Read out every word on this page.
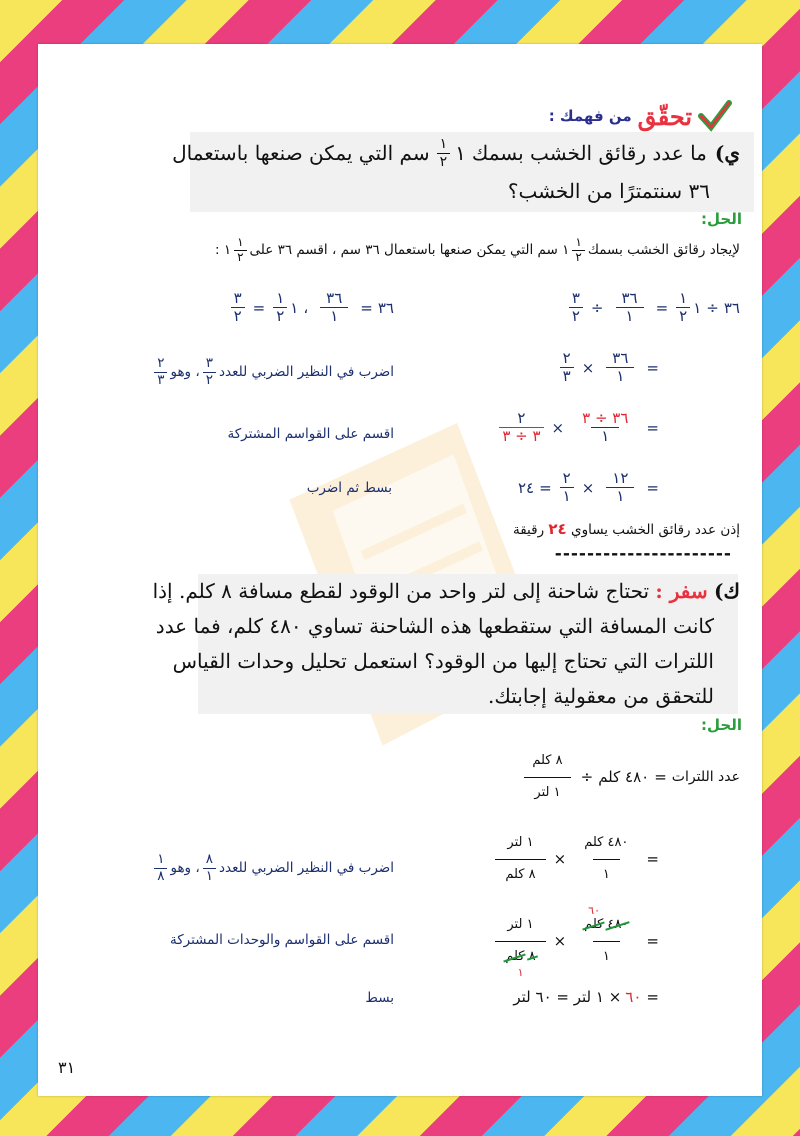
تحقّق
من فهمك :
ي)
ما عدد رقائق الخشب بسمك
١
$\frac{١}{٢}$
سم التي يمكن صنعها باستعمال
٣٦ سنتمترًا من الخشب؟
الحل:
لإيجاد رقائق الخشب بسمك
$\frac{١}{٢}$
١ سم التي يمكن صنعها باستعمال ٣٦ سم ، اقسم ٣٦ على
$\frac{١}{٢}$
١ :
٣٦
÷
١
$\frac{١}{٢}$
=
$\frac{٣٦}{١}$
÷
$\frac{٣}{٢}$
٣٦
=
$\frac{٣٦}{١}$
،
١
$\frac{١}{٢}$
=
$\frac{٣}{٢}$
=
$\frac{٣٦}{١}$
×
$\frac{٢}{٣}$
اضرب في النظير الضربي للعدد
$\frac{٣}{٢}$
، وهو
$\frac{٢}{٣}$
=
$\frac{٣٦ \div ٣}{١}$
×
$\frac{٢}{٣ \div ٣}$
اقسم على القواسم المشتركة
=
$\frac{١٢}{١}$
×
$\frac{٢}{١}$
=
٢٤
بسط ثم اضرب
إذن عدد رقائق الخشب يساوي ٢٤ رقيقة
----------------------
ك) سفر : تحتاج شاحنة إلى لتر واحد من الوقود لقطع مسافة ٨ كلم. إذا
كانت المسافة التي ستقطعها هذه الشاحنة تساوي ٤٨٠ كلم، فما عدد
اللترات التي تحتاج إليها من الوقود؟ استعمل تحليل وحدات القياس
للتحقق من معقولية إجابتك.
الحل:
عدد اللترات
=
٤٨٠ كلم
÷
$\frac{\text{٨ كلم}}{\text{١ لتر}}$
=
$\frac{\text{٤٨٠ كلم}}{١}$
×
$\frac{\text{١ لتر}}{\text{٨ كلم}}$
اضرب في النظير الضربي للعدد
$\frac{٨}{١}$
، وهو
$\frac{١}{٨}$
=
٦٠
٤٨٠ كلم
١
×
١ لتر
٨ كلم
١
اقسم على القواسم والوحدات المشتركة
=
٦٠
× ١ لتر = ٦٠ لتر
بسط
٣١
